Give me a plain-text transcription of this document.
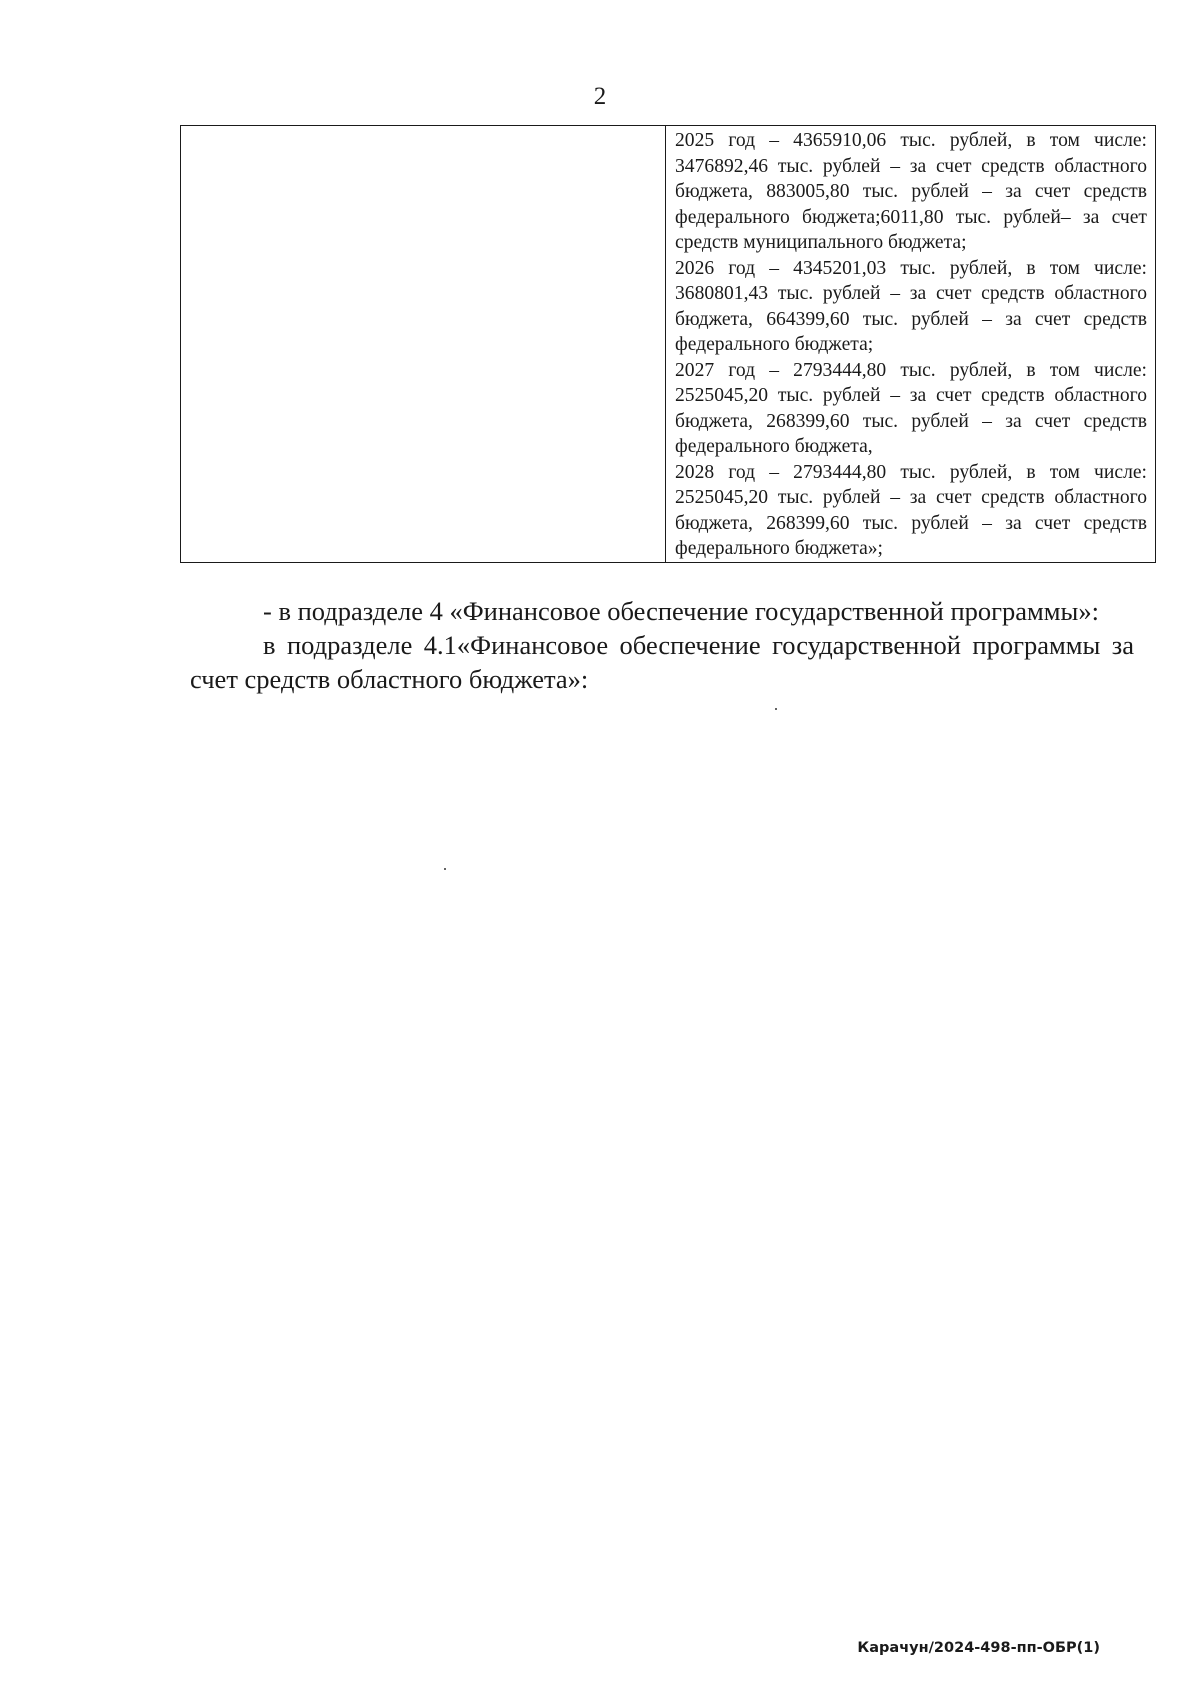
2

2025 год – 4365910,06 тыс. рублей, в том числе: 3476892,46 тыс. рублей – за счет средств областного бюджета, 883005,80 тыс. рублей – за счет средств федерального бюджета;6011,80 тыс. рублей– за счет средств муниципального бюджета;

2026 год – 4345201,03 тыс. рублей, в том числе: 3680801,43 тыс. рублей – за счет средств областного бюджета, 664399,60 тыс. рублей – за счет средств федерального бюджета;

2027 год – 2793444,80 тыс. рублей, в том числе: 2525045,20 тыс. рублей – за счет средств областного бюджета, 268399,60 тыс. рублей – за счет средств федерального бюджета,

2028 год – 2793444,80 тыс. рублей, в том числе: 2525045,20 тыс. рублей – за счет средств областного бюджета, 268399,60 тыс. рублей – за счет средств федерального бюджета»;

- в подразделе 4 «Финансовое обеспечение государственной программы»:

в подразделе 4.1«Финансовое обеспечение государственной программы за счет средств областного бюджета»:

Карачун/2024-498-пп-ОБР(1)
